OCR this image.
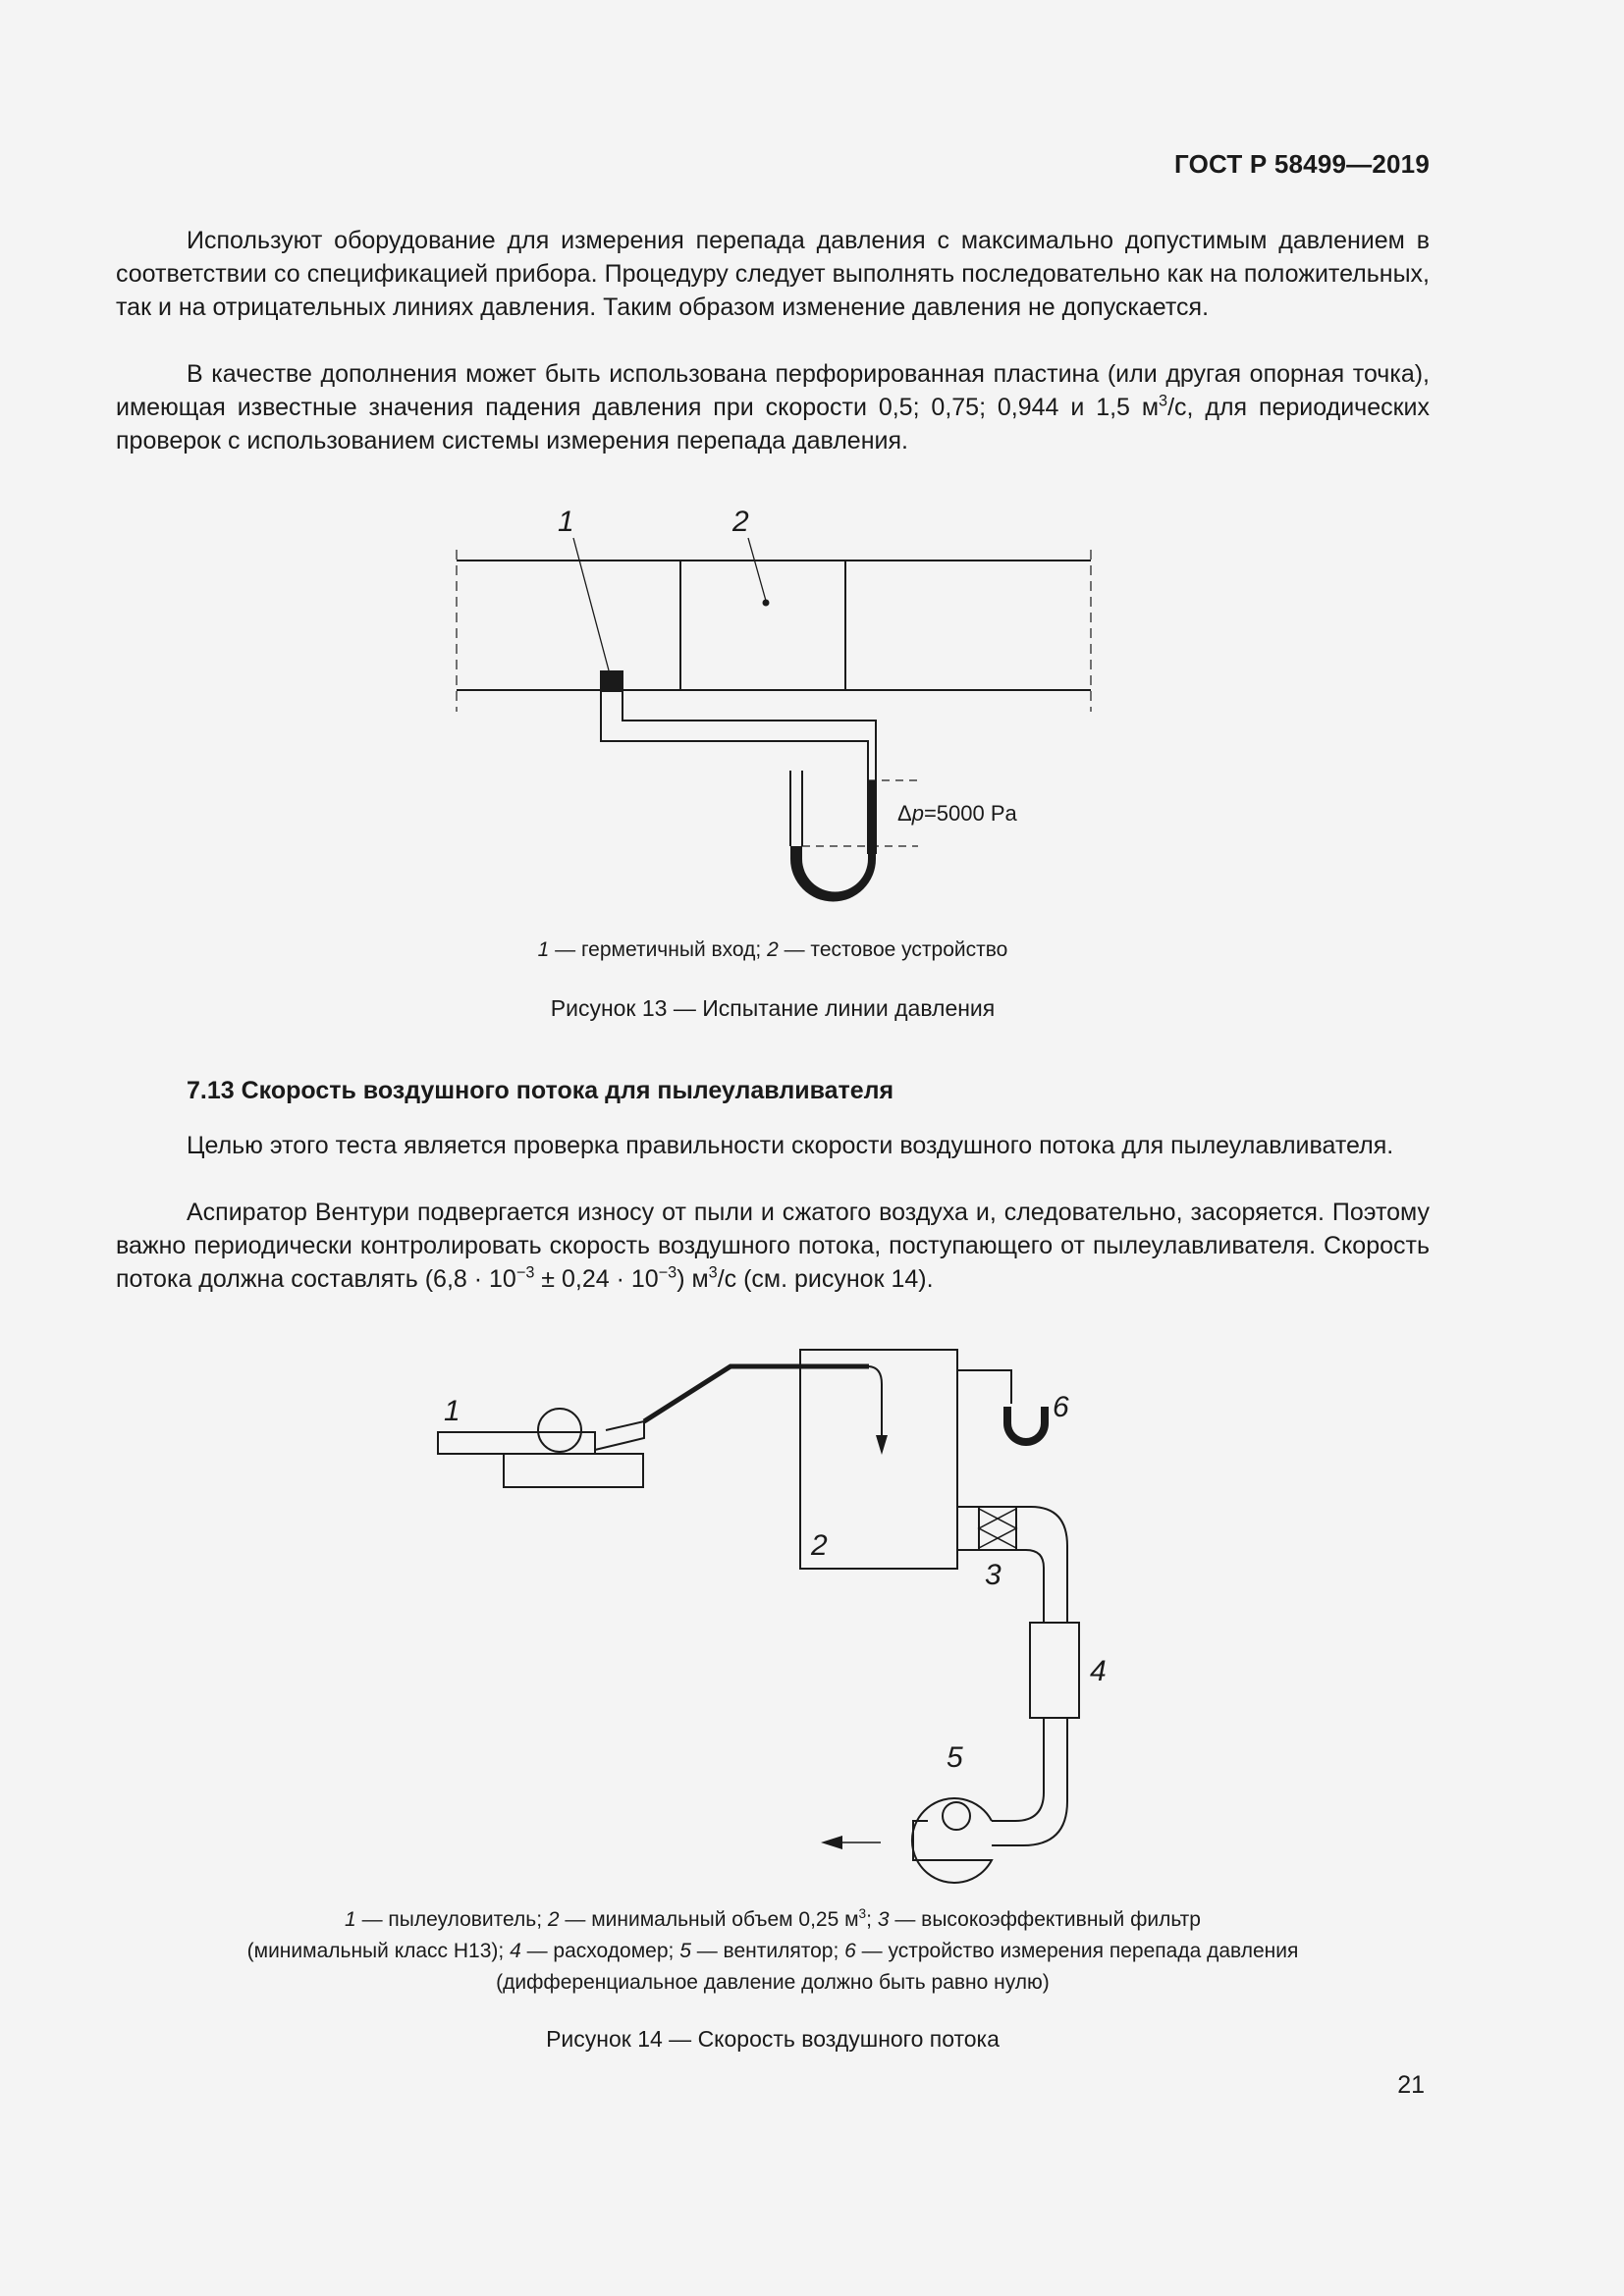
ГОСТ Р 58499—2019

Используют оборудование для измерения перепада давления с максимально допустимым давлением в соответствии со спецификацией прибора. Процедуру следует выполнять последовательно как на положительных, так и на отрицательных линиях давления. Таким образом изменение давления не допускается.

В качестве дополнения может быть использована перфорированная пластина (или другая опорная точка), имеющая известные значения падения давления при скорости 0,5; 0,75; 0,944 и 1,5 $м^3/с$, для периодических проверок с использованием системы измерения перепада давления.

1	2
Δp=5000 Pa
1 — герметичный вход; 2 — тестовое устройство
Рисунок 13 — Испытание линии давления
7.13 Скорость воздушного потока для пылеулавливателя

Целью этого теста является проверка правильности скорости воздушного потока для пылеулавливателя.

Аспиратор Вентури подвергается износу от пыли и сжатого воздуха и, следовательно, засоряется. Поэтому важно периодически контролировать скорость воздушного потока, поступающего от пылеулавливателя. Скорость потока должна составлять $(6,8 \cdot 10^{-3} \pm 0,24 \cdot 10^{-3})$ $м^3/с$ (см. рисунок 14).

1
2
3
4
5
6
1 — пылеуловитель; 2 — минимальный объем 0,25 $м^3$; 3 — высокоэффективный фильтр
(минимальный класс Н13); 4 — расходомер; 5 — вентилятор; 6 — устройство измерения перепада давления
(дифференциальное давление должно быть равно нулю)
Рисунок 14 — Скорость воздушного потока
21
